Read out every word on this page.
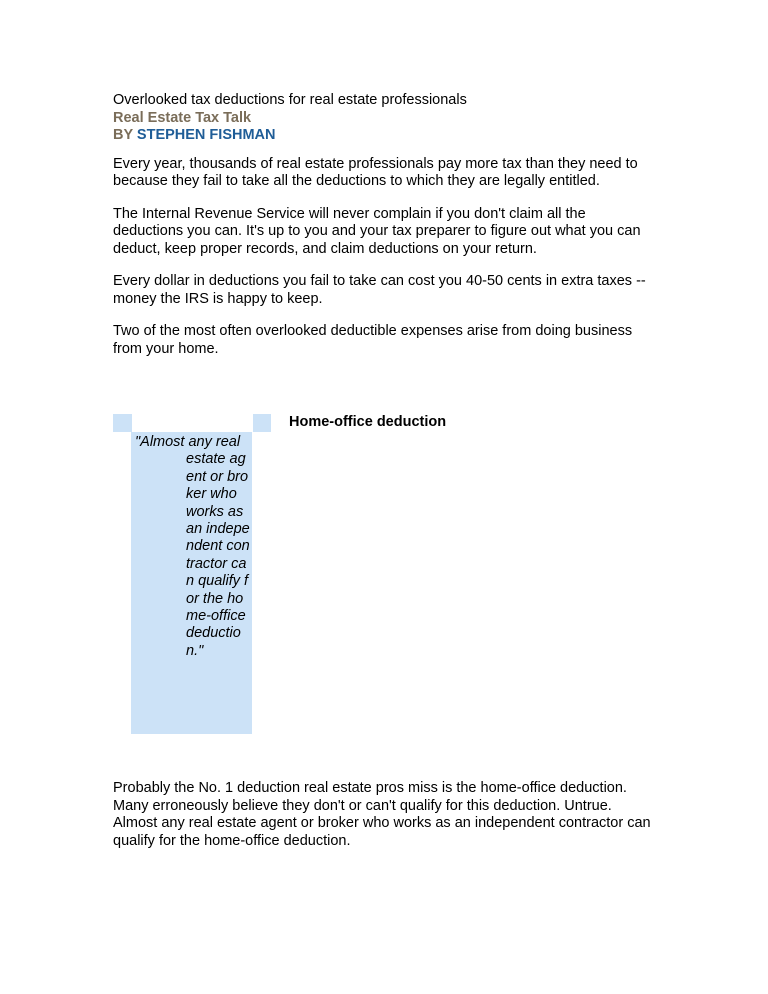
Overlooked tax deductions for real estate professionals

Real Estate Tax Talk

BY STEPHEN FISHMAN

Every year, thousands of real estate professionals pay more tax than they need to because they fail to take all the deductions to which they are legally entitled.

The Internal Revenue Service will never complain if you don't claim all the deductions you can. It's up to you and your tax preparer to figure out what you can deduct, keep proper records, and claim deductions on your return.

Every dollar in deductions you fail to take can cost you 40-50 cents in extra taxes -- money the IRS is happy to keep.

Two of the most often overlooked deductible expenses arise from doing business from your home.

Home-office deduction
"Almost any real estate agent or broker who works as an independent contractor can qualify for the home-office deduction."

Probably the No. 1 deduction real estate pros miss is the home-office deduction. Many erroneously believe they don't or can't qualify for this deduction. Untrue. Almost any real estate agent or broker who works as an independent contractor can qualify for the home-office deduction.
